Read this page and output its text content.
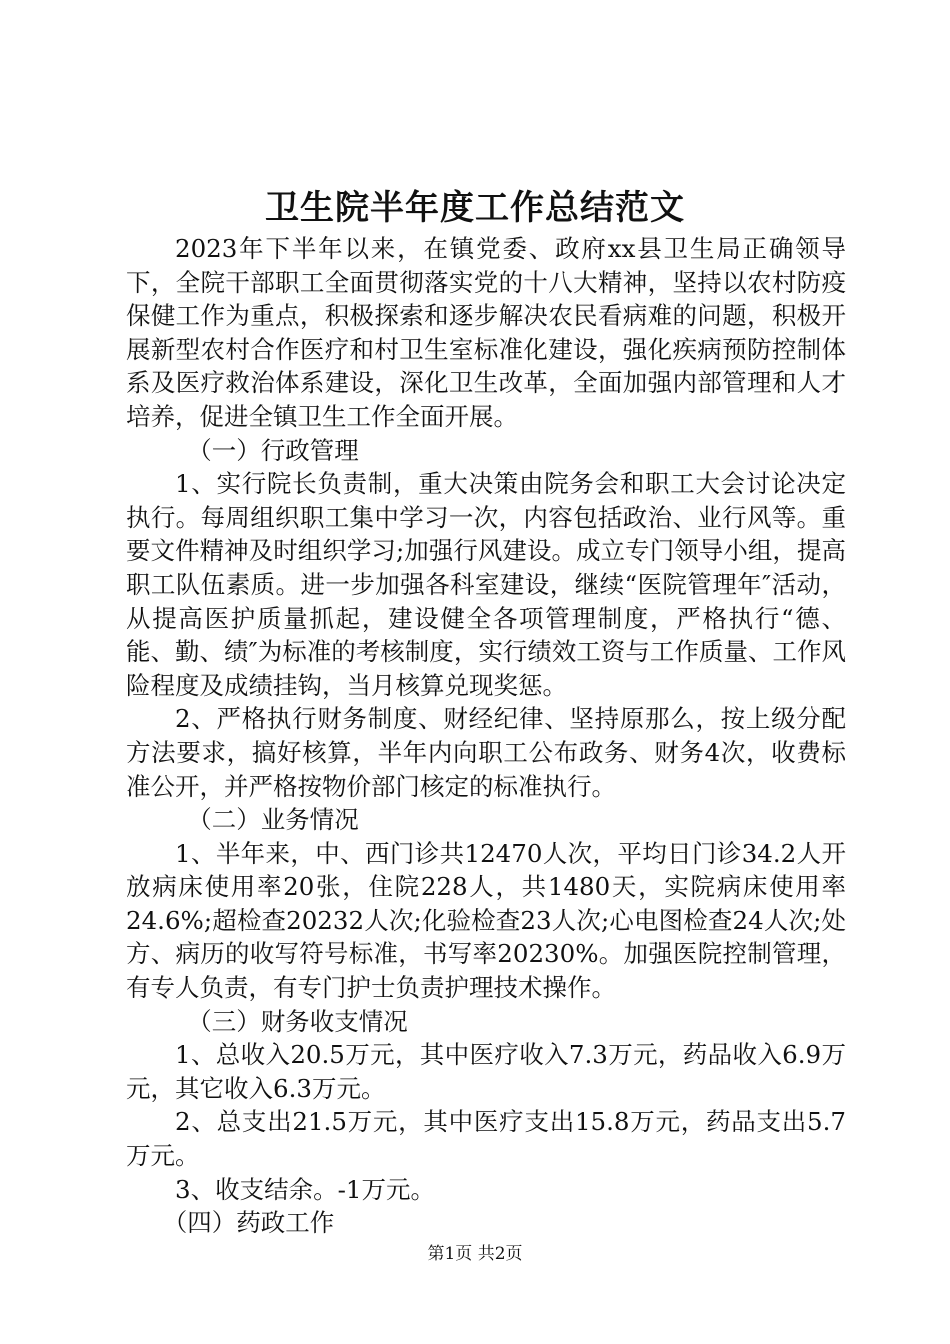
卫生院半年度工作总结范文

2023年下半年以来，在镇党委、政府xx县卫生局正确领导下，全院干部职工全面贯彻落实党的十八大精神，坚持以农村防疫保健工作为重点，积极探索和逐步解决农民看病难的问题，积极开展新型农村合作医疗和村卫生室标准化建设，强化疾病预防控制体系及医疗救治体系建设，深化卫生改革，全面加强内部管理和人才培养，促进全镇卫生工作全面开展。

（一）行政管理

1、实行院长负责制，重大决策由院务会和职工大会讨论决定执行。每周组织职工集中学习一次，内容包括政治、业行风等。重要文件精神及时组织学习;加强行风建设。成立专门领导小组，提高职工队伍素质。进一步加强各科室建设，继续“医院管理年″活动，从提高医护质量抓起，建设健全各项管理制度，严格执行“德、能、勤、绩″为标准的考核制度，实行绩效工资与工作质量、工作风险程度及成绩挂钩，当月核算兑现奖惩。

2、严格执行财务制度、财经纪律、坚持原那么，按上级分配方法要求，搞好核算，半年内向职工公布政务、财务4次，收费标准公开，并严格按物价部门核定的标准执行。

（二）业务情况

1、半年来，中、西门诊共12470人次，平均日门诊34.2人开放病床使用率20张，住院228人，共1480天，实院病床使用率24.6%;超检查20232人次;化验检查23人次;心电图检查24人次;处方、病历的收写符号标准，书写率20230%。加强医院控制管理，有专人负责，有专门护士负责护理技术操作。

（三）财务收支情况

1、总收入20.5万元，其中医疗收入7.3万元，药品收入6.9万元，其它收入6.3万元。

2、总支出21.5万元，其中医疗支出15.8万元，药品支出5.7万元。

3、收支结余。-1万元。

（四）药政工作

第1页 共2页
